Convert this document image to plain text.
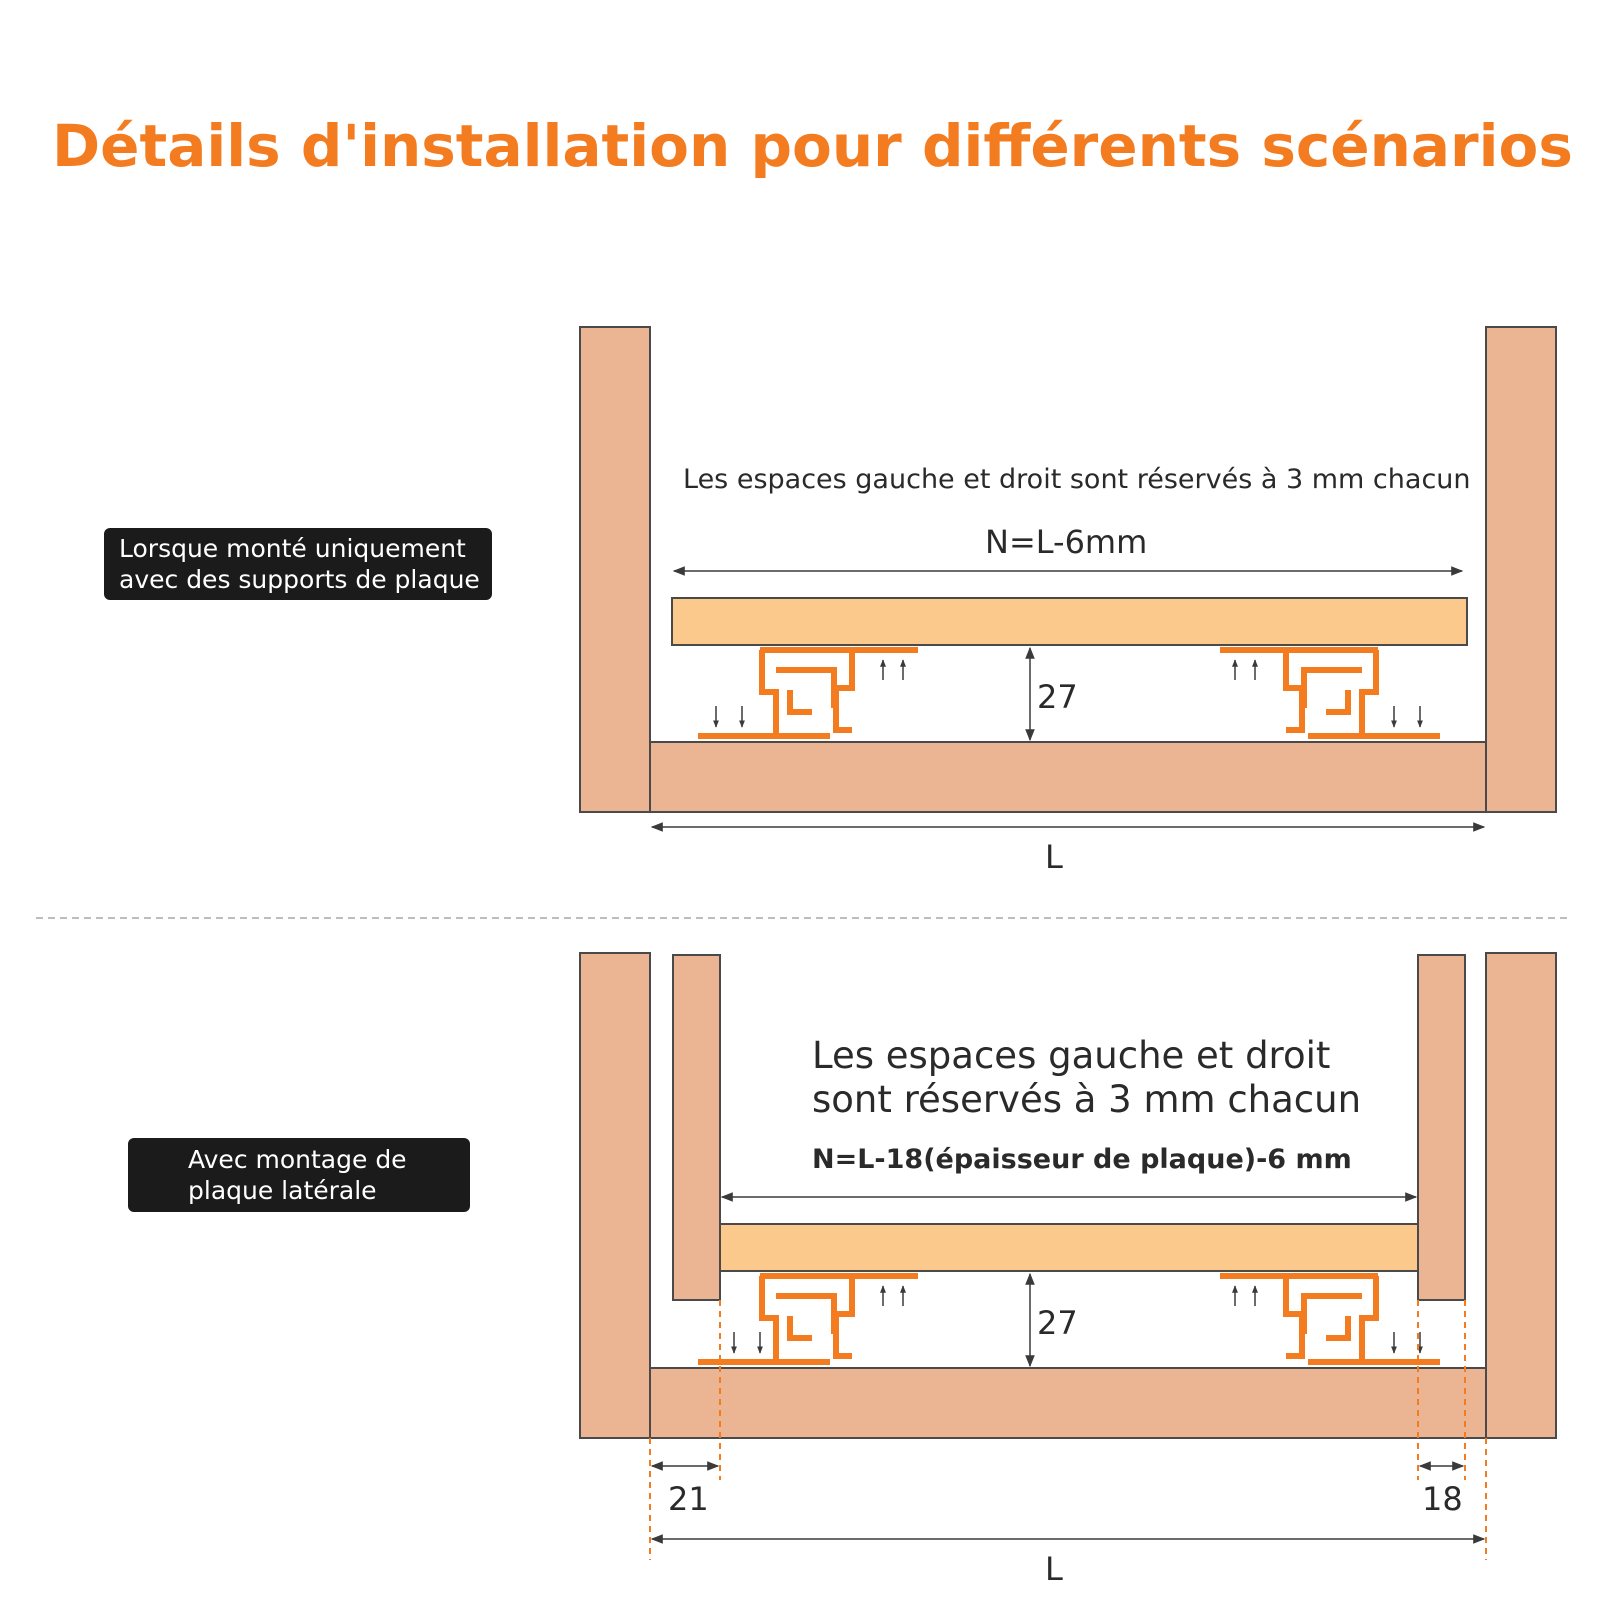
Détails d'installation pour différents scénarios
Lorsque monté uniquement
avec des supports de plaque
Avec montage de
plaque latérale
Les espaces gauche et droit sont réservés à 3 mm chacun
N=L-6mm
27
L
Les espaces gauche et droit
sont réservés à 3 mm chacun
N=L-18(épaisseur de plaque)-6 mm
27
21	18
L
